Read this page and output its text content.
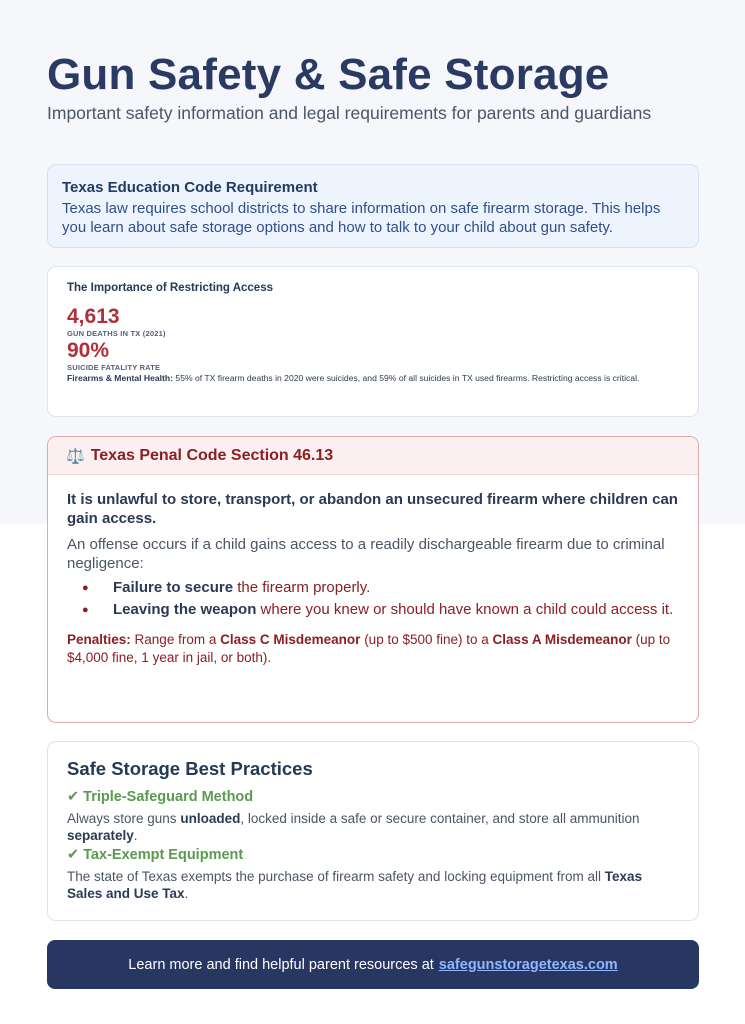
Gun Safety & Safe Storage

Important safety information and legal requirements for parents and guardians

Texas Education Code Requirement
Texas law requires school districts to share information on safe firearm storage. This helps you learn about safe storage options and how to talk to your child about gun safety.
The Importance of Restricting Access
4,613
GUN DEATHS IN TX (2021)
90%
SUICIDE FATALITY RATE

Firearms & Mental Health: 55% of TX firearm deaths in 2020 were suicides, and 59% of all suicides in TX used firearms. Restricting access is critical.

⚖️ Texas Penal Code Section 46.13

It is unlawful to store, transport, or abandon an unsecured firearm where children can gain access.

An offense occurs if a child gains access to a readily dischargeable firearm due to criminal negligence:

● Failure to secure the firearm properly.
● Leaving the weapon where you knew or should have known a child could access it.

Penalties: Range from a Class C Misdemeanor (up to $500 fine) to a Class A Misdemeanor (up to $4,000 fine, 1 year in jail, or both).

Safe Storage Best Practices
✔ Triple-Safeguard Method

Always store guns unloaded, locked inside a safe or secure container, and store all ammunition separately.

✔ Tax-Exempt Equipment

The state of Texas exempts the purchase of firearm safety and locking equipment from all Texas Sales and Use Tax.

Learn more and find helpful parent resources at safegunstoragetexas.com
